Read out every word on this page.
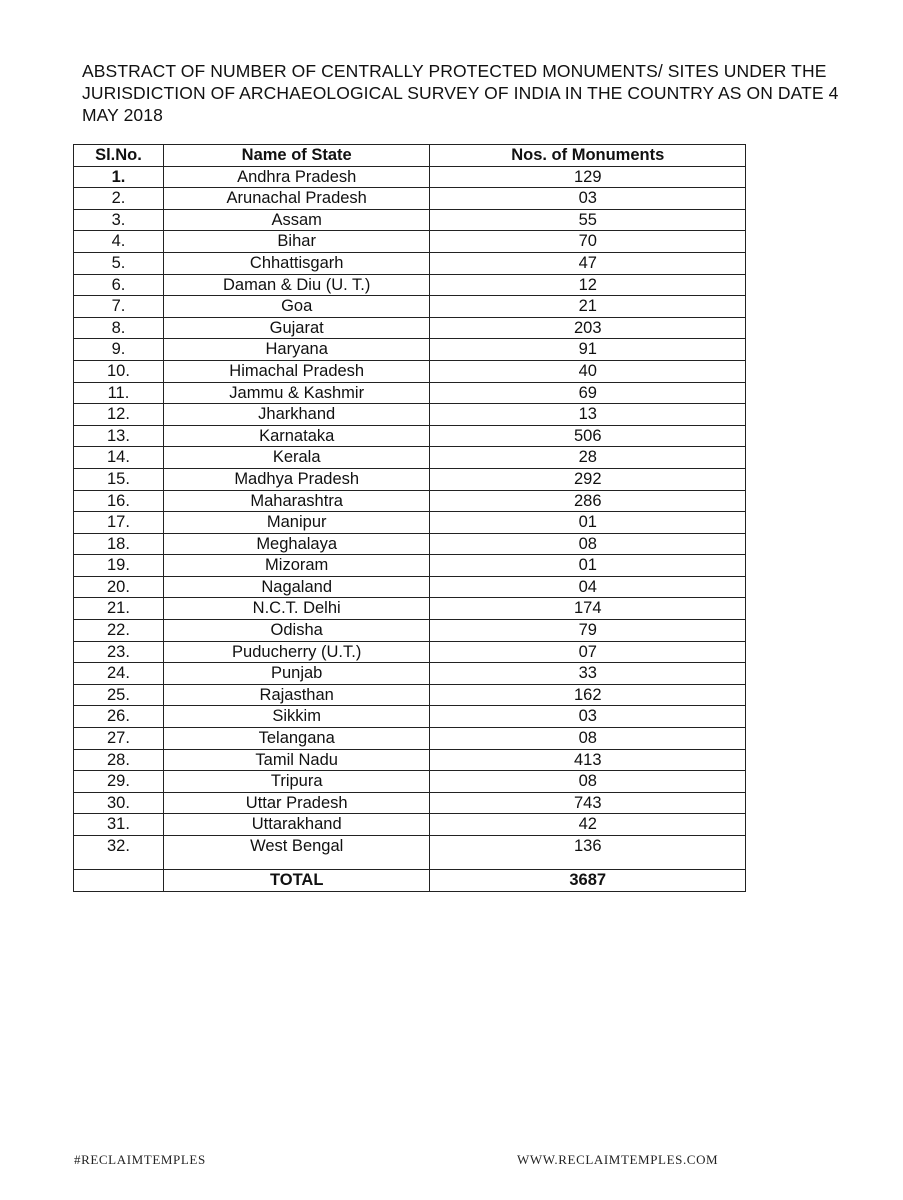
ABSTRACT OF NUMBER OF CENTRALLY PROTECTED MONUMENTS/ SITES UNDER THE JURISDICTION OF ARCHAEOLOGICAL SURVEY OF INDIA IN THE COUNTRY AS ON DATE 4 MAY 2018

Sl.No.	Name of State	Nos. of Monuments
1.	Andhra Pradesh	129
2.	Arunachal Pradesh	03
3.	Assam	55
4.	Bihar	70
5.	Chhattisgarh	47
6.	Daman & Diu (U. T.)	12
7.	Goa	21
8.	Gujarat	203
9.	Haryana	91
10.	Himachal Pradesh	40
11.	Jammu & Kashmir	69
12.	Jharkhand	13
13.	Karnataka	506
14.	Kerala	28
15.	Madhya Pradesh	292
16.	Maharashtra	286
17.	Manipur	01
18.	Meghalaya	08
19.	Mizoram	01
20.	Nagaland	04
21.	N.C.T. Delhi	174
22.	Odisha	79
23.	Puducherry (U.T.)	07
24.	Punjab	33
25.	Rajasthan	162
26.	Sikkim	03
27.	Telangana	08
28.	Tamil Nadu	413
29.	Tripura	08
30.	Uttar Pradesh	743
31.	Uttarakhand	42
32.	West Bengal	136
	TOTAL	3687
#RECLAIMTEMPLES	WWW.RECLAIMTEMPLES.COM
